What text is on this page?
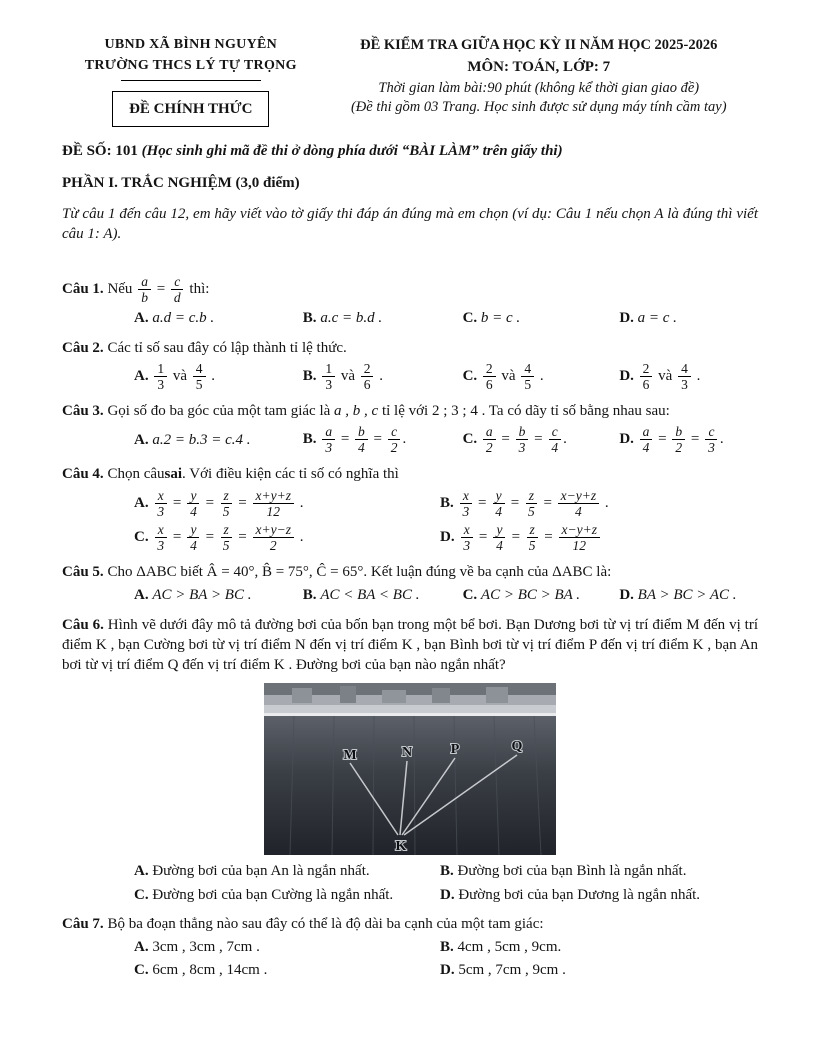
UBND XÃ BÌNH NGUYÊN
TRƯỜNG THCS LÝ TỰ TRỌNG
ĐỀ CHÍNH THỨC
ĐỀ KIỂM TRA GIỮA HỌC KỲ II NĂM HỌC 2025-2026
MÔN: TOÁN, LỚP: 7
Thời gian làm bài:90 phút (không kể thời gian giao đề)
(Đề thi gồm 03 Trang. Học sinh được sử dụng máy tính cầm tay)

ĐỀ SỐ: 101 (Học sinh ghi mã đề thi ở dòng phía dưới “BÀI LÀM” trên giấy thi)

PHẦN I. TRẮC NGHIỆM (3,0 điểm)

Từ câu 1 đến câu 12, em hãy viết vào tờ giấy thi đáp án đúng mà em chọn (ví dụ: Câu 1 nếu chọn A là đúng thì viết câu 1: A).

Câu 1. Nếu $\frac{a}{b} = \frac{c}{d}$ thì:

A. a.d = c.b .	B. a.c = b.d .	C. b = c .	D. a = c .

Câu 2. Các tỉ số sau đây có lập thành tỉ lệ thức.

A. $\frac{1}{3}$ và $\frac{4}{5}$ .	B. $\frac{1}{3}$ và $\frac{2}{6}$ .	C. $\frac{2}{6}$ và $\frac{4}{5}$ .	D. $\frac{2}{6}$ và $\frac{4}{3}$ .

Câu 3. Gọi số đo ba góc của một tam giác là a , b , c tỉ lệ với 2 ; 3 ; 4 . Ta có dãy tỉ số bằng nhau sau:

A. a.2 = b.3 = c.4 .	B. $\frac{a}{3} = \frac{b}{4} = \frac{c}{2}$ .	C. $\frac{a}{2} = \frac{b}{3} = \frac{c}{4}$ .	D. $\frac{a}{4} = \frac{b}{2} = \frac{c}{3}$ .

Câu 4. Chọn câusai. Với điều kiện các tỉ số có nghĩa thì

A. $\frac{x}{3} = \frac{y}{4} = \frac{z}{5} = \frac{x+y+z}{12}$ .	B. $\frac{x}{3} = \frac{y}{4} = \frac{z}{5} = \frac{x-y+z}{4}$ .
C. $\frac{x}{3} = \frac{y}{4} = \frac{z}{5} = \frac{x+y-z}{2}$ .	D. $\frac{x}{3} = \frac{y}{4} = \frac{z}{5} = \frac{x-y+z}{12}$

Câu 5. Cho ΔABC biết Â = 40°, B̂ = 75°, Ĉ = 65°. Kết luận đúng về ba cạnh của ΔABC là:

A. AC > BA > BC .	B. AC < BA < BC .	C. AC > BC > BA .	D. BA > BC > AC .

Câu 6. Hình vẽ dưới đây mô tả đường bơi của bốn bạn trong một bể bơi. Bạn Dương bơi từ vị trí điểm M đến vị trí điểm K , bạn Cường bơi từ vị trí điểm N đến vị trí điểm K , bạn Bình bơi từ vị trí điểm P đến vị trí điểm K , bạn An bơi từ vị trí điểm Q đến vị trí điểm K . Đường bơi của bạn nào ngắn nhất?

M	N	P	Q
K
A. Đường bơi của bạn An là ngắn nhất.	B. Đường bơi của bạn Bình là ngắn nhất.
C. Đường bơi của bạn Cường là ngắn nhất.	D. Đường bơi của bạn Dương là ngắn nhất.

Câu 7. Bộ ba đoạn thẳng nào sau đây có thể là độ dài ba cạnh của một tam giác:

A. 3cm , 3cm , 7cm .	B. 4cm , 5cm , 9cm.
C. 6cm , 8cm , 14cm .	D. 5cm , 7cm , 9cm .
